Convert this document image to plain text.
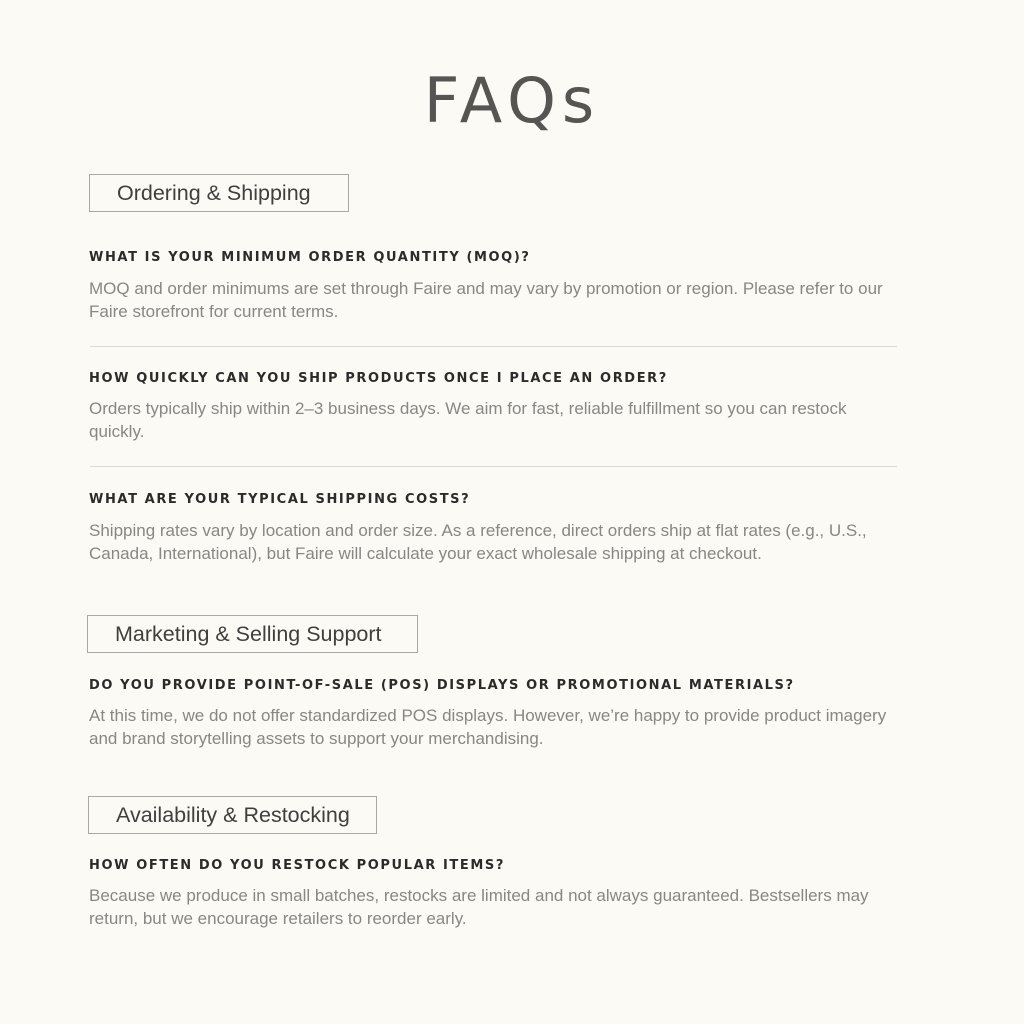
FAQs
Ordering & Shipping

WHAT IS YOUR MINIMUM ORDER QUANTITY (MOQ)?

MOQ and order minimums are set through Faire and may vary by promotion or region. Please refer to our Faire storefront for current terms.

HOW QUICKLY CAN YOU SHIP PRODUCTS ONCE I PLACE AN ORDER?

Orders typically ship within 2–3 business days. We aim for fast, reliable fulfillment so you can restock quickly.

WHAT ARE YOUR TYPICAL SHIPPING COSTS?

Shipping rates vary by location and order size. As a reference, direct orders ship at flat rates (e.g., U.S., Canada, International), but Faire will calculate your exact wholesale shipping at checkout.

Marketing & Selling Support

DO YOU PROVIDE POINT-OF-SALE (POS) DISPLAYS OR PROMOTIONAL MATERIALS?

At this time, we do not offer standardized POS displays. However, we’re happy to provide product imagery and brand storytelling assets to support your merchandising.

Availability & Restocking

HOW OFTEN DO YOU RESTOCK POPULAR ITEMS?

Because we produce in small batches, restocks are limited and not always guaranteed. Bestsellers may return, but we encourage retailers to reorder early.
